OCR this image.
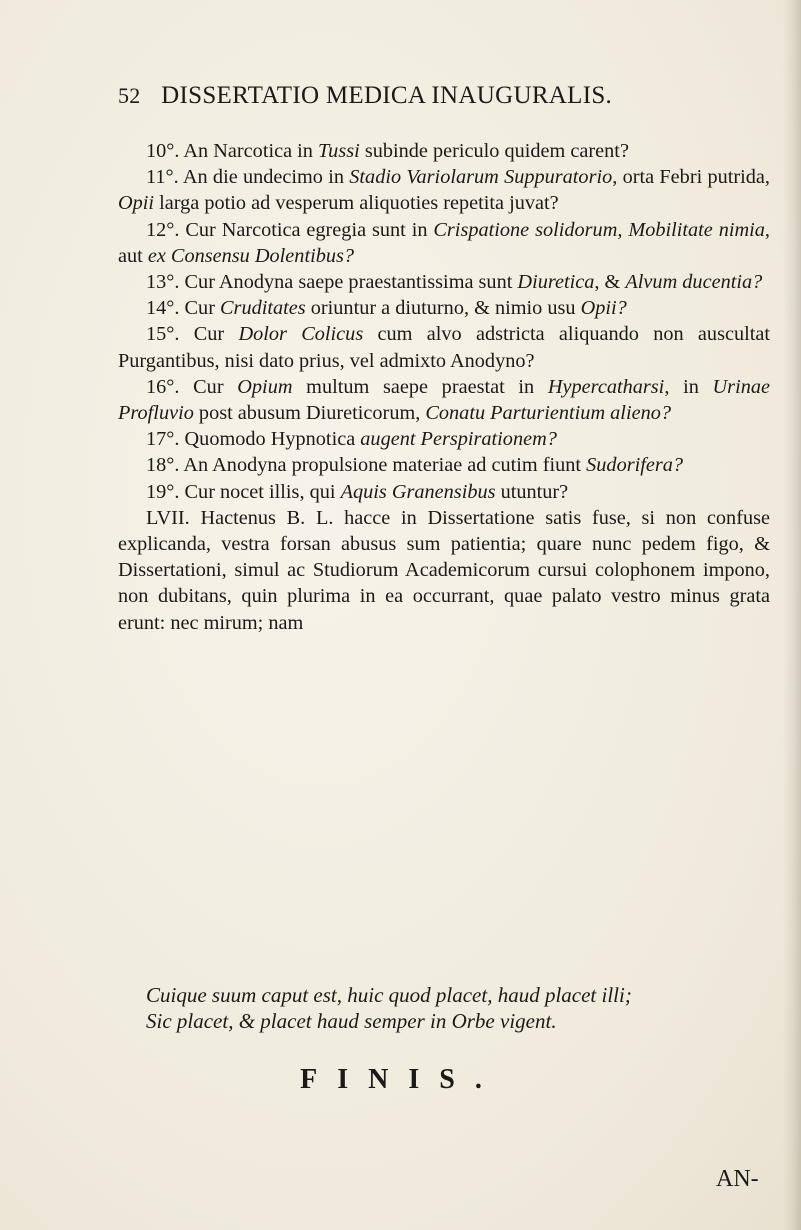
52 DISSERTATIO MEDICA INAUGURALIS.

10°. An Narcotica in Tussi subinde periculo quidem carent?

11°. An die undecimo in Stadio Variolarum Suppuratorio, orta Febri putrida, Opii larga potio ad vesperum aliquoties repetita juvat?

12°. Cur Narcotica egregia sunt in Crispatione solidorum, Mobilitate nimia, aut ex Consensu Dolentibus?

13°. Cur Anodyna saepe praestantissima sunt Diuretica, & Alvum ducentia?

14°. Cur Cruditates oriuntur a diuturno, & nimio usu Opii?

15°. Cur Dolor Colicus cum alvo adstricta aliquando non auscultat Purgantibus, nisi dato prius, vel admixto Anodyno?

16°. Cur Opium multum saepe praestat in Hypercatharsi, in Urinae Profluvio post abusum Diureticorum, Conatu Parturientium alieno?

17°. Quomodo Hypnotica augent Perspirationem?

18°. An Anodyna propulsione materiae ad cutim fiunt Sudorifera?

19°. Cur nocet illis, qui Aquis Granensibus utuntur?

LVII. Hactenus B. L. hacce in Dissertatione satis fuse, si non confuse explicanda, vestra forsan abusus sum patientia; quare nunc pedem figo, & Dissertationi, simul ac Studiorum Academicorum cursui colophonem impono, non dubitans, quin plurima in ea occurrant, quae palato vestro minus grata erunt: nec mirum; nam

Cuique suum caput est, huic quod placet, haud placet illi;
Sic placet, & placet haud semper in Orbe vigent.
FINIS.
AN-
